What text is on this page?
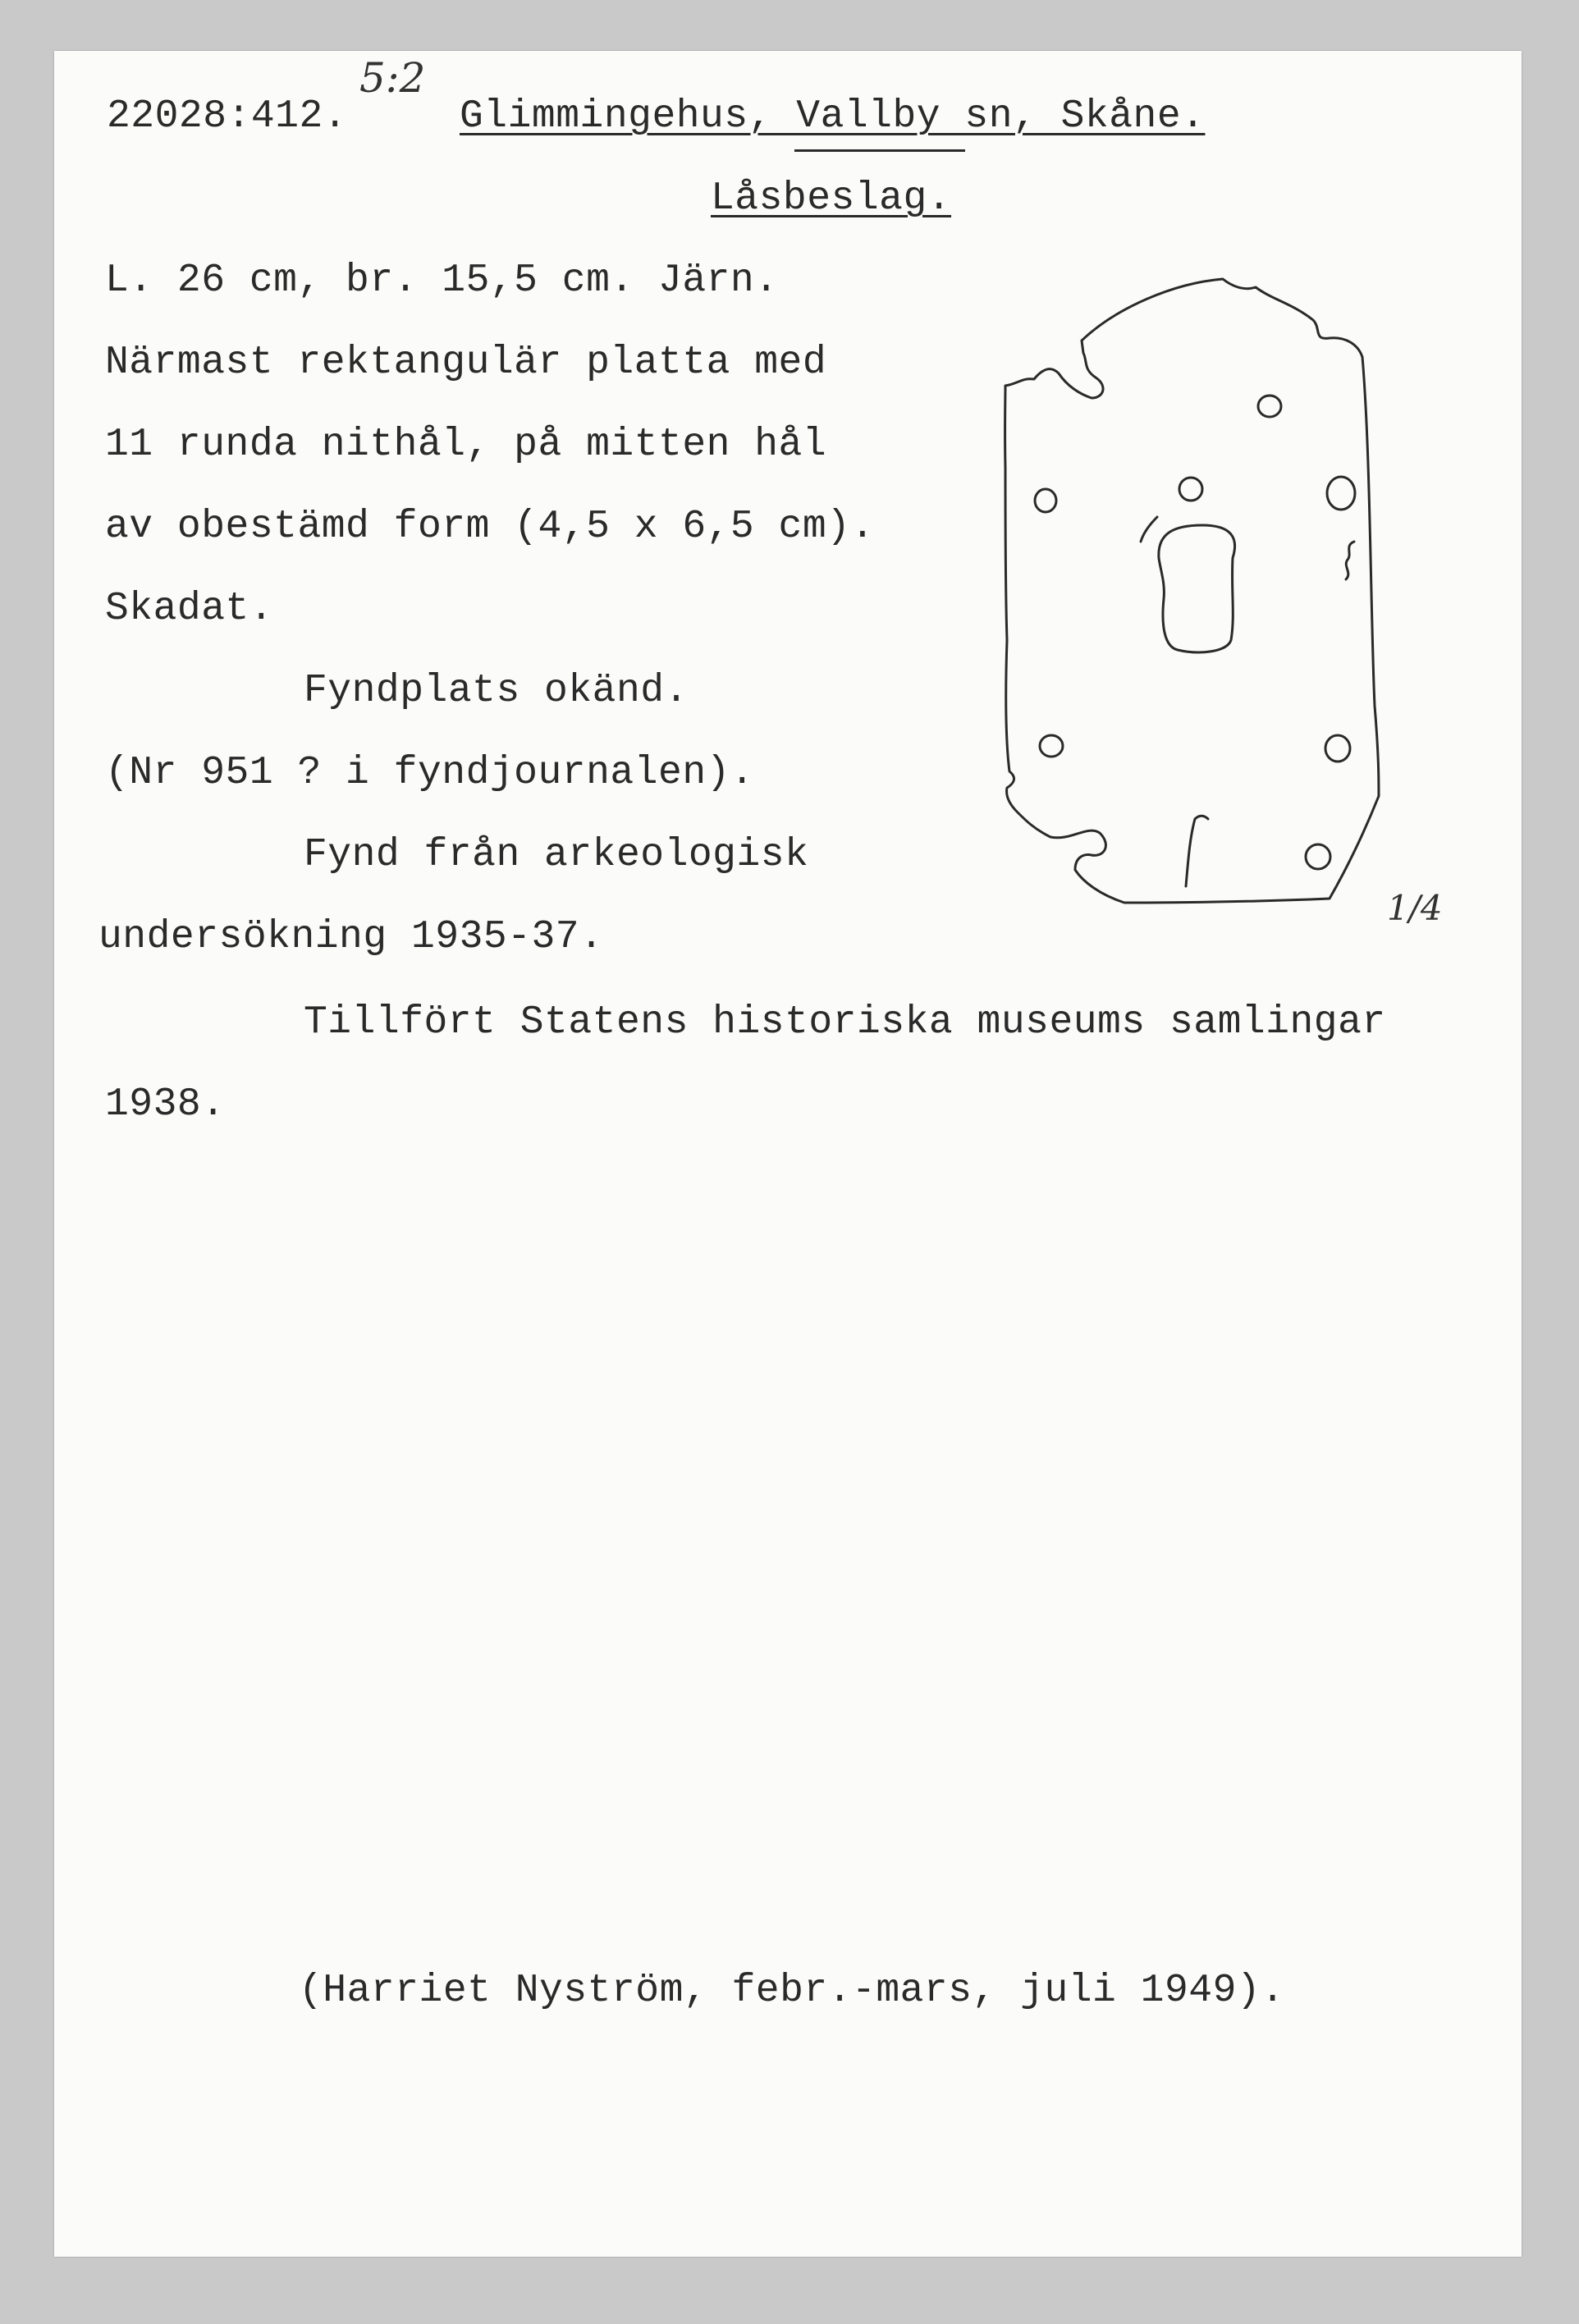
5:2
22028:412.	Glimmingehus, Vallby sn, Skåne.
Låsbeslag.
L. 26 cm, br. 15,5 cm. Järn.
Närmast rektangulär platta med
11 runda nithål, på mitten hål
av obestämd form (4,5 x 6,5 cm).
Skadat.
Fyndplats okänd.
(Nr 951 ? i fyndjournalen).
Fynd från arkeologisk
undersökning 1935-37.
Tillfört Statens historiska museums samlingar
1938.
1/4
(Harriet Nyström, febr.-mars, juli 1949).
